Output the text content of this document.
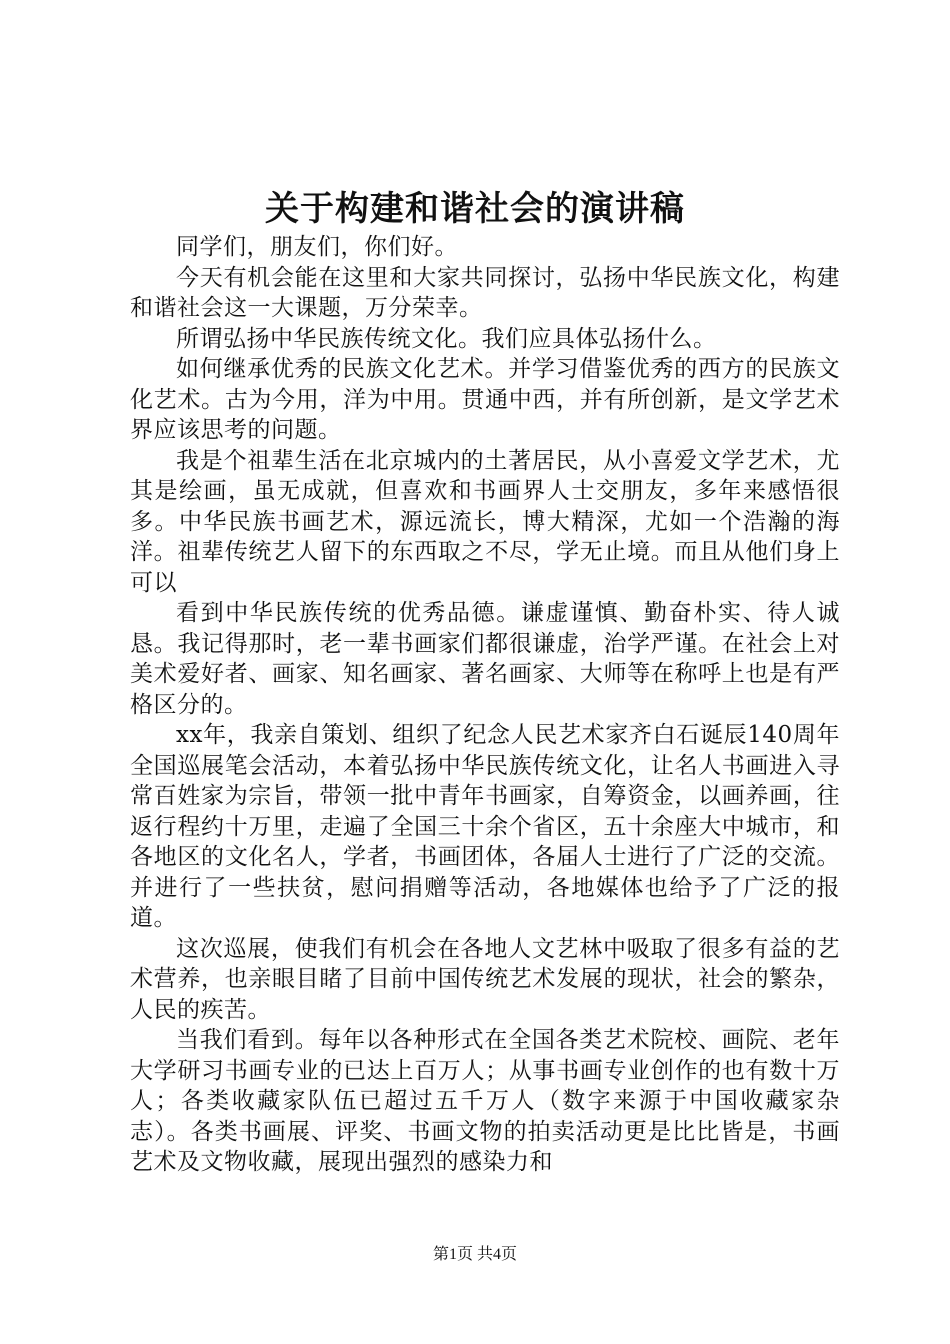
关于构建和谐社会的演讲稿

同学们，朋友们，你们好。

今天有机会能在这里和大家共同探讨，弘扬中华民族文化，构建和谐社会这一大课题，万分荣幸。

所谓弘扬中华民族传统文化。我们应具体弘扬什么。

如何继承优秀的民族文化艺术。并学习借鉴优秀的西方的民族文化艺术。古为今用，洋为中用。贯通中西，并有所创新，是文学艺术界应该思考的问题。

我是个祖辈生活在北京城内的土著居民，从小喜爱文学艺术，尤其是绘画，虽无成就，但喜欢和书画界人士交朋友，多年来感悟很多。中华民族书画艺术，源远流长，博大精深，尤如一个浩瀚的海洋。祖辈传统艺人留下的东西取之不尽，学无止境。而且从他们身上可以

看到中华民族传统的优秀品德。谦虚谨慎、勤奋朴实、待人诚恳。我记得那时，老一辈书画家们都很谦虚，治学严谨。在社会上对美术爱好者、画家、知名画家、著名画家、大师等在称呼上也是有严格区分的。

xx年，我亲自策划、组织了纪念人民艺术家齐白石诞辰140周年全国巡展笔会活动，本着弘扬中华民族传统文化，让名人书画进入寻常百姓家为宗旨，带领一批中青年书画家，自筹资金，以画养画，往返行程约十万里，走遍了全国三十余个省区，五十余座大中城市，和各地区的文化名人，学者，书画团体，各届人士进行了广泛的交流。并进行了一些扶贫，慰问捐赠等活动，各地媒体也给予了广泛的报道。

这次巡展，使我们有机会在各地人文艺林中吸取了很多有益的艺术营养，也亲眼目睹了目前中国传统艺术发展的现状，社会的繁杂，人民的疾苦。

当我们看到。每年以各种形式在全国各类艺术院校、画院、老年大学研习书画专业的已达上百万人；从事书画专业创作的也有数十万人；各类收藏家队伍已超过五千万人（数字来源于中国收藏家杂志）。各类书画展、评奖、书画文物的拍卖活动更是比比皆是，书画艺术及文物收藏，展现出强烈的感染力和

第1页 共4页
